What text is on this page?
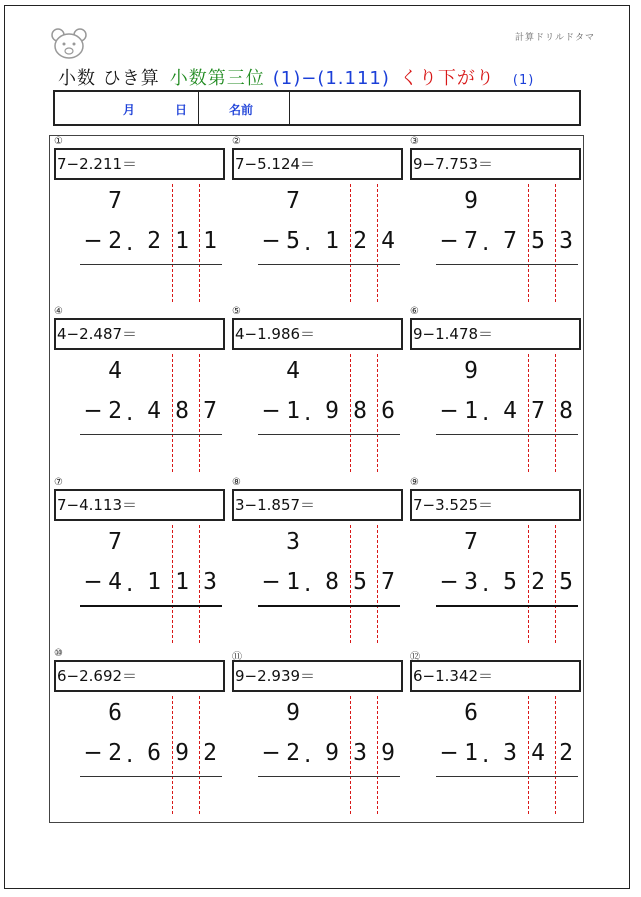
計算ドリルドタマ
小数 ひき算 小数第三位 (1)−(1.111) くり下がり (1)
月	日	名前
①
7−2.211＝
7
− 2 2 1 1
.
②
7−5.124＝
7
− 5 1 2 4
.
③
9−7.753＝
9
− 7 7 5 3
.
④
4−2.487＝
4
− 2 4 8 7
.
⑤
4−1.986＝
4
− 1 9 8 6
.
⑥
9−1.478＝
9
− 1 4 7 8
.
⑦
7−4.113＝
7
− 4 1 1 3
.
⑧
3−1.857＝
3
− 1 8 5 7
.
⑨
7−3.525＝
7
− 3 5 2 5
.
⑩
6−2.692＝
6
− 2 6 9 2
.
⑪
9−2.939＝
9
− 2 9 3 9
.
⑫
6−1.342＝
6
− 1 3 4 2
.
